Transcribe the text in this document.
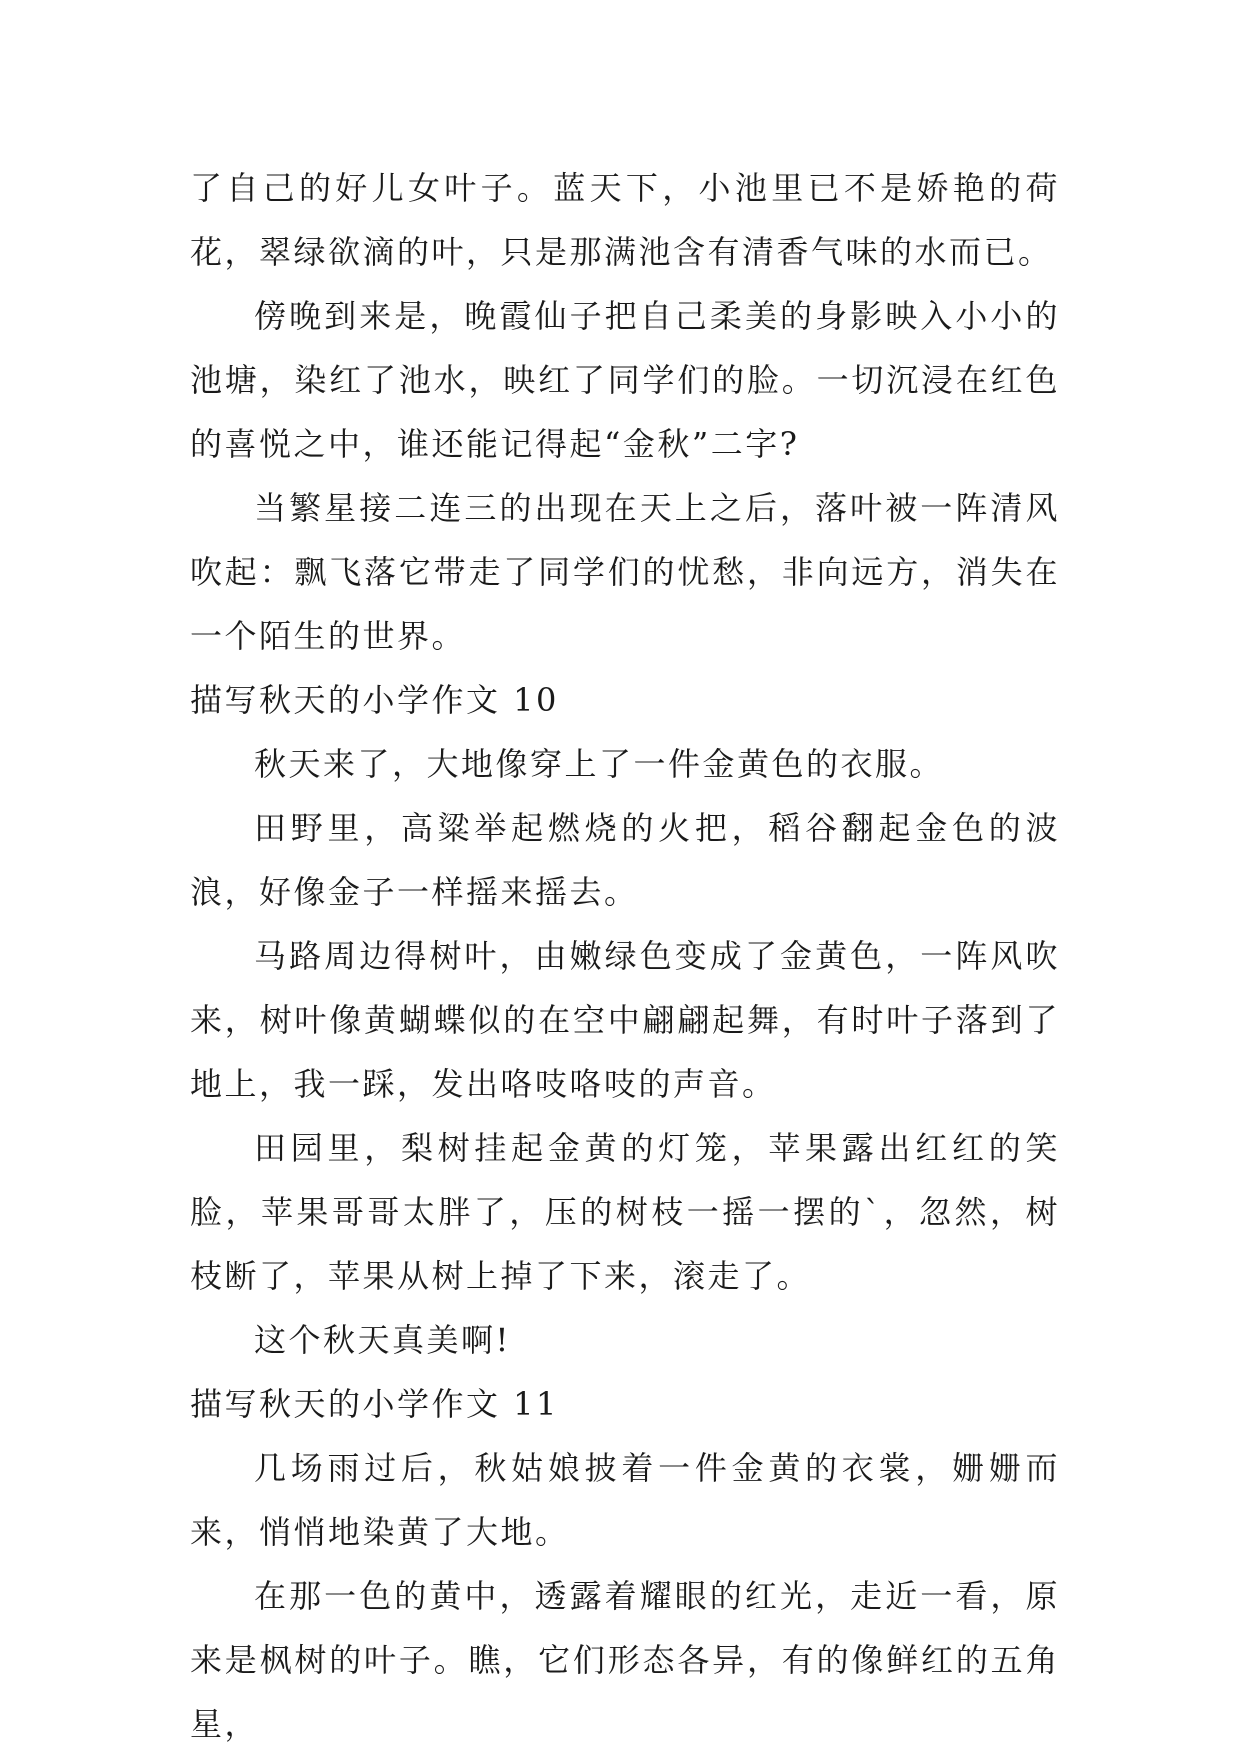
了自己的好儿女叶子。蓝天下，小池里已不是娇艳的荷花，翠绿欲滴的叶，只是那满池含有清香气味的水而已。

傍晚到来是，晚霞仙子把自己柔美的身影映入小小的池塘，染红了池水，映红了同学们的脸。一切沉浸在红色的喜悦之中，谁还能记得起“金秋”二字?

当繁星接二连三的出现在天上之后，落叶被一阵清风吹起：飘飞落它带走了同学们的忧愁，非向远方，消失在一个陌生的世界。

描写秋天的小学作文 10

秋天来了，大地像穿上了一件金黄色的衣服。

田野里，高粱举起燃烧的火把，稻谷翻起金色的波浪，好像金子一样摇来摇去。

马路周边得树叶，由嫩绿色变成了金黄色，一阵风吹来，树叶像黄蝴蝶似的在空中翩翩起舞，有时叶子落到了地上，我一踩，发出咯吱咯吱的声音。

田园里，梨树挂起金黄的灯笼，苹果露出红红的笑脸，苹果哥哥太胖了，压的树枝一摇一摆的`，忽然，树枝断了，苹果从树上掉了下来，滚走了。

这个秋天真美啊!

描写秋天的小学作文 11

几场雨过后，秋姑娘披着一件金黄的衣裳，姗姗而来，悄悄地染黄了大地。

在那一色的黄中，透露着耀眼的红光，走近一看，原来是枫树的叶子。瞧，它们形态各异，有的像鲜红的五角星，
